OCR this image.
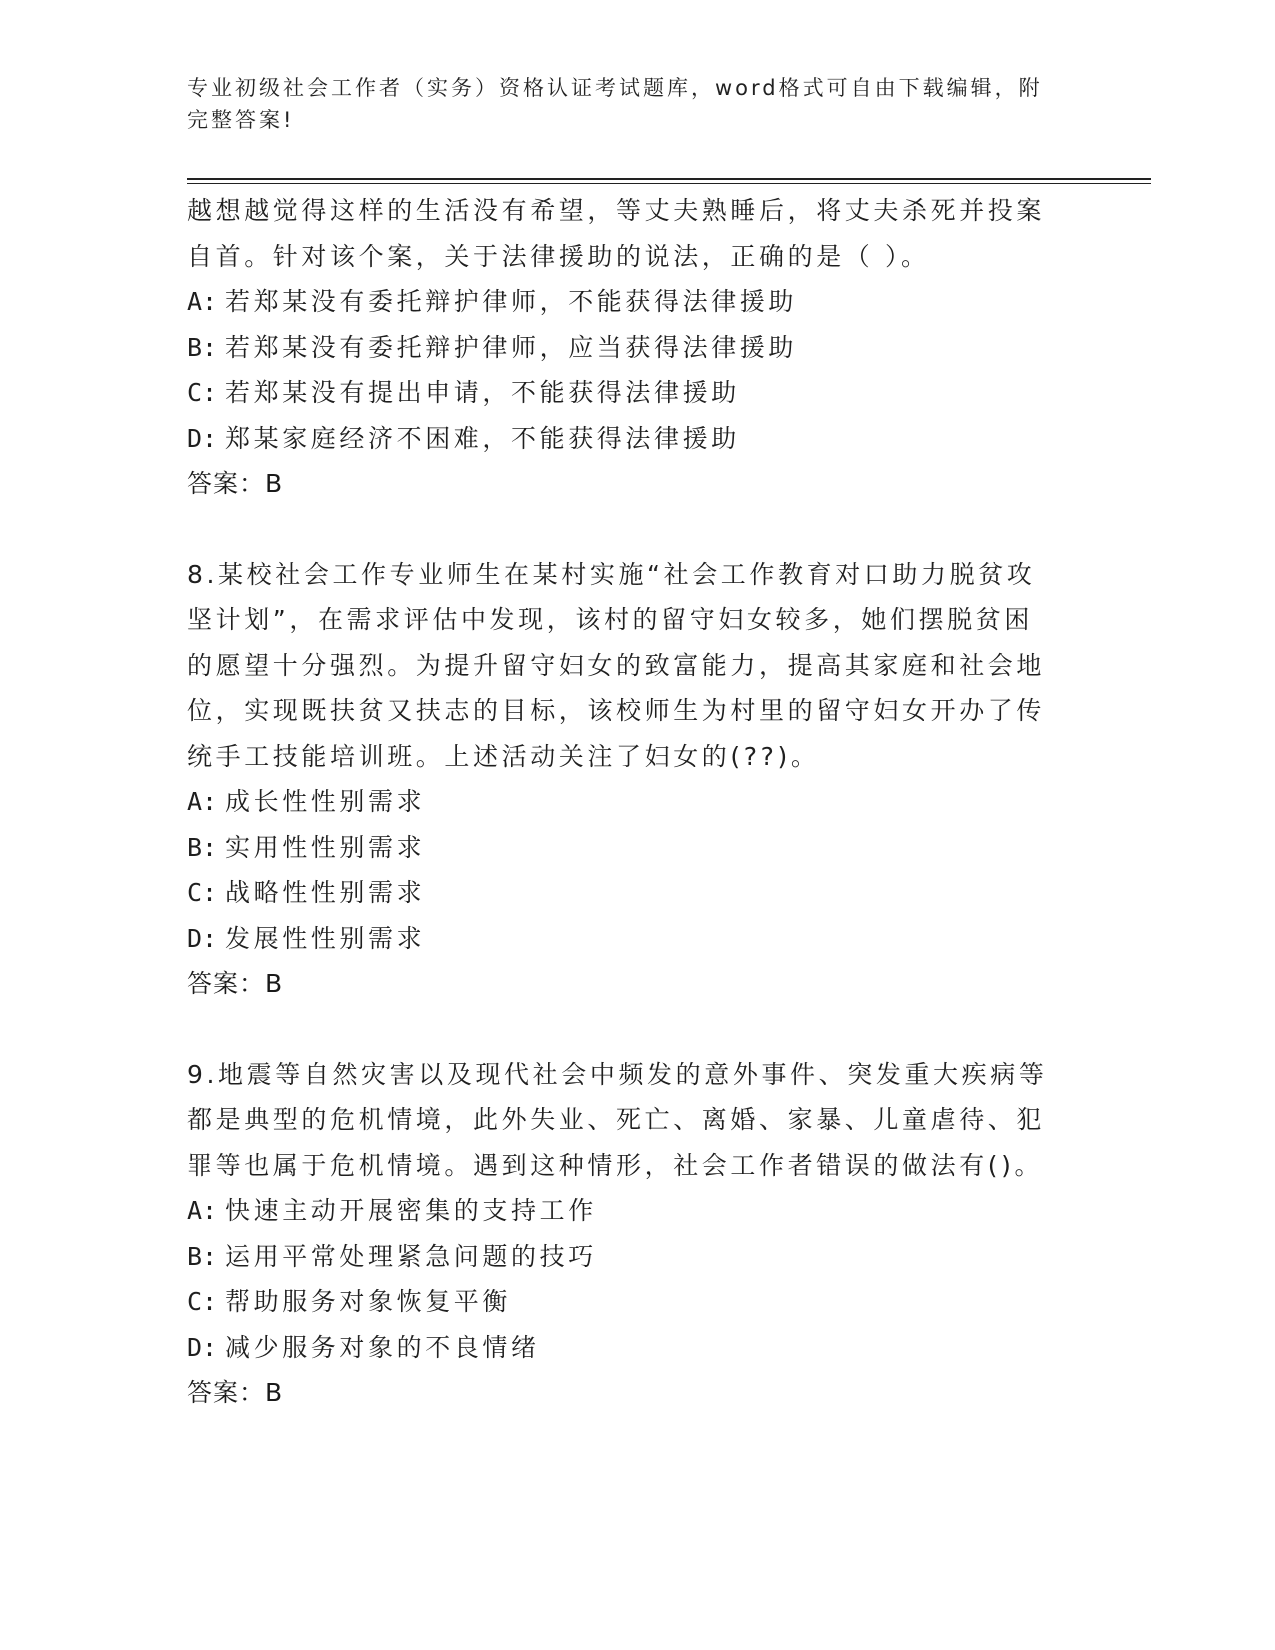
专业初级社会工作者（实务）资格认证考试题库，word格式可自由下载编辑，附
完整答案!
越想越觉得这样的生活没有希望，等丈夫熟睡后，将丈夫杀死并投案
自首。针对该个案，关于法律援助的说法，正确的是（ ）。
A: 若郑某没有委托辩护律师，不能获得法律援助
B: 若郑某没有委托辩护律师，应当获得法律援助
C: 若郑某没有提出申请，不能获得法律援助
D: 郑某家庭经济不困难，不能获得法律援助
答案：B
8.某校社会工作专业师生在某村实施“社会工作教育对口助力脱贫攻
坚计划”，在需求评估中发现，该村的留守妇女较多，她们摆脱贫困
的愿望十分强烈。为提升留守妇女的致富能力，提高其家庭和社会地
位，实现既扶贫又扶志的目标，该校师生为村里的留守妇女开办了传
统手工技能培训班。上述活动关注了妇女的(??)。
A: 成长性性别需求
B: 实用性性别需求
C: 战略性性别需求
D: 发展性性别需求
答案：B
9.地震等自然灾害以及现代社会中频发的意外事件、突发重大疾病等
都是典型的危机情境，此外失业、死亡、离婚、家暴、儿童虐待、犯
罪等也属于危机情境。遇到这种情形，社会工作者错误的做法有()。
A: 快速主动开展密集的支持工作
B: 运用平常处理紧急问题的技巧
C: 帮助服务对象恢复平衡
D: 减少服务对象的不良情绪
答案：B
